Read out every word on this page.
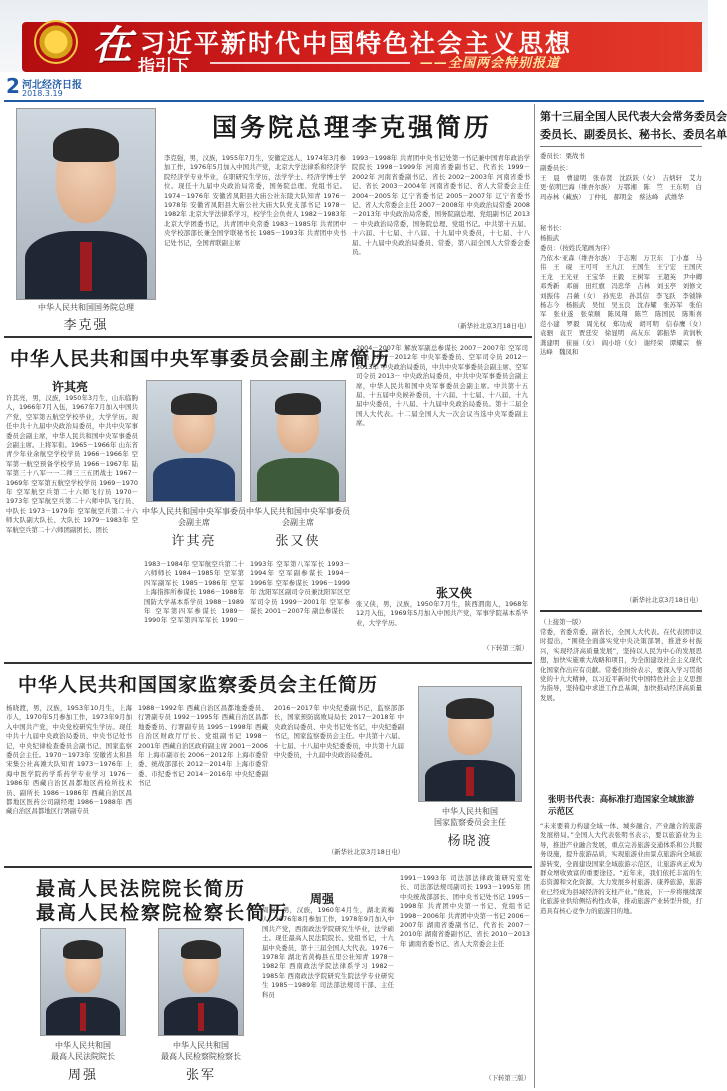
在 习近平新时代中国特色社会主义思想
指引下	——全国两会特别报道
2 河北经济日报
2018.3.19
中华人民共和国国务院总理
李克强
国务院总理李克强简历
李克强，男，汉族，1955年7月生，安徽定远人，1974年3月参加工作，1976年5月加入中国共产党，北京大学法律系和经济学院经济学专业毕业，在职研究生学历，法学学士、经济学博士学位。现任十九届中央政治局常委，国务院总理、党组书记。1974－1976年 安徽省凤阳县大庙公社东陵大队知青 1976－1978年 安徽省凤阳县大庙公社大庙大队党支部书记 1978－1982年 北京大学法律系学习，校学生会负责人 1982－1983年 北京大学团委书记，共青团中央常委 1983－1985年 共青团中央学校部部长兼全国学联秘书长 1985－1993年 共青团中央书记处书记，全国青联副主席
1993－1998年 共青团中央书记处第一书记兼中国青年政治学院院长 1998－1999年 河南省委副书记、代省长 1999－2002年 河南省委副书记、省长 2002－2003年 河南省委书记、省长 2003－2004年 河南省委书记、省人大常委会主任 2004－2005年 辽宁省委书记 2005－2007年 辽宁省委书记、省人大常委会主任 2007－2008年 中央政治局常委 2008－2013年 中央政治局常委，国务院副总理、党组副书记 2013－ 中央政治局常委，国务院总理、党组书记。中共第十五届、十六届、十七届、十八届、十九届中央委员，十七届、十八届、十九届中央政治局委员、常委，第八届全国人大常委会委员。
（新华社北京3月18日电）
中华人民共和国中央军事委员会副主席简历
许其亮
许其亮，男，汉族，1950年3月生，山东临朐人，1966年7月入伍，1967年7月加入中国共产党，空军第五航空学校毕业，大学学历。现任中共十九届中央政治局委员，中共中央军事委员会副主席，中华人民共和国中央军事委员会副主席。上将军衔。1965－1966年 山东省青少年业余航空学校学员 1966－1966年 空军第一航空预备学校学员 1966－1967年 陆军第三十八军一一二师三三五团战士 1967－1969年 空军第五航空学校学员 1969－1970年 空军航空兵第二十六师飞行员 1970－1973年 空军航空兵第二十六师中队飞行员、中队长 1973－1979年 空军航空兵第二十六师大队副大队长、大队长 1979－1983年 空军航空兵第二十六师团副团长、团长
中华人民共和国中央军事委员会副主席
许其亮
中华人民共和国中央军事委员会副主席
张又侠
1983－1984年 空军航空兵第二十六师师长 1984－1985年 空军第四军副军长 1985－1986年 空军上海指挥所参谋长 1986－1988年 国防大学基本系学员 1988－1989年 空军第四军参谋长 1989－1990年 空军第四军军长 1990－1993年 空军第八军军长 1993－1994年 空军副参谋长 1994－1996年 空军参谋长 1996－1999年 沈阳军区副司令员兼沈阳军区空军司令员 1999－2001年 空军参谋长 2001－2007年 副总参谋长
2004－2007年 解放军副总参谋长 2007－2007年 空军司令员 2007－2012年 中央军委委员、空军司令员 2012－2013年 中央政治局委员，中共中央军事委员会副主席、空军司令员 2013－ 中央政治局委员，中共中央军事委员会副主席，中华人民共和国中央军事委员会副主席。中共第十五届、十五届中央候补委员，十六届、十七届、十八届、十九届中央委员，十八届、十九届中央政治局委员。第十二届全国人大代表。十二届全国人大一次会议当选中央军委副主席。
张又侠
张又侠，男，汉族，1950年7月生，陕西渭南人，1968年12月入伍，1969年5月加入中国共产党，军事学院基本系毕业，大学学历。
（下转第三版）
第十三届全国人民代表大会常务委员会
委员长、副委员长、秘书长、委员名单
委员长：栗战书
副委员长：
王　晨　曹建明　张春贤　沈跃跃（女）　吉炳轩　艾力更·依明巴海（维吾尔族）　万鄂湘　陈　竺　王东明　白玛赤林（藏族）　丁仲礼　郝明金　蔡达峰　武维华
秘书长：
杨振武
委员：（按姓氏笔画为序）
乃依木·亚森（维吾尔族）　于志刚　万卫东　丁小嘉　马伟　王　砚　王可可　王九江　王国生　王宁宏　王国庆　王龙　王光亚　王宝华　王毅　王树军　王超英　尹中卿　邓秀新　邓丽　田红旗　冯忠华　吉林　刘玉亭　刘修文　刘振伟　吕薇（女）　孙宪忠　孙其信　李飞跃　李钺锋　杨志今　杨振武　吴恒　吴玉良　沈春耀　张苏军　张伯军　张业遂　张荣顺　陈凤翔　陈竺　陈国民　陈斯喜　范小建　罗毅　周光权　郑功成　胡可明　信春鹰（女）　袁驷　袁卫　贾廷安　徐显明　高友东　郭振华　黄润秋　龚建明　崔丽（女）　阎小培（女）　谢经荣　谭耀宗　蔡达峰　魏凤和
（新华社北京3月18日电）
（上接第一版）
常委，省委常委、副省长，全国人大代表。在代表团审议时提出，“围绕全面落实党中央决策部署，推进乡村振兴，实现经济高质量发展”，坚持以人民为中心的发展思想，加快实施重大战略和项目，为全面建设社会主义现代化国家作出应有贡献。常委们纷纷表示，要深入学习贯彻党的十九大精神，以习近平新时代中国特色社会主义思想为指导，坚持稳中求进工作总基调，加快推动经济高质量发展。
张明书代表：高标准打造国家全域旅游示范区
“未来要着力构建全域一体、城乡融合、产业融合的旅游发展格局。”全国人大代表张明书表示，要以旅游业为主导，推进产业融合发展，重点完善旅游交通体系和公共服务设施，提升旅游品质，实现旅游业由景点旅游向全域旅游转变，全面建设国家全域旅游示范区，让旅游真正成为群众增收致富的重要途径。“近年来，我们依托丰富的生态资源和文化资源，大力发展乡村旅游、康养旅游，旅游业已经成为县域经济的支柱产业。”他说，下一步将继续深化旅游业供给侧结构性改革，推动旅游产业转型升级，打造具有核心竞争力的旅游目的地。
中华人民共和国国家监察委员会主任简历
杨晓渡，男，汉族，1953年10月生，上海市人，1970年5月参加工作，1973年9月加入中国共产党，中央党校研究生学历。现任中共十九届中央政治局委员、中央书记处书记，中央纪律检查委员会副书记，国家监察委员会主任。1970－1973年 安徽省太和县宋集公社高滩大队知青 1973－1976年 上海中医学院药学系药学专业学习 1976－1986年 西藏自治区昌都地区药检所技术员、副所长 1986－1986年 西藏自治区昌都地区医药公司副经理 1986－1988年 西藏自治区昌都地区行署副专员
1988－1992年 西藏自治区昌都地委委员、行署副专员 1992－1995年 西藏自治区昌都地委委员、行署副专员 1995－1998年 西藏自治区财政厅厅长、党组副书记 1998－2001年 西藏自治区政府副主席 2001－2006年 上海市副市长 2006－2012年 上海市委常委、统战部部长 2012－2014年 上海市委常委、市纪委书记 2014－2016年 中央纪委副书记
2016－2017年 中央纪委副书记，监察部部长，国家预防腐败局局长 2017－2018年 中央政治局委员、中央书记处书记，中央纪委副书记，国家监察委员会主任。中共第十六届、十七届、十八届中央纪委委员，中共第十九届中央委员，十九届中央政治局委员。
（新华社北京3月18日电）
中华人民共和国
国家监察委员会主任
杨晓渡
最高人民法院院长简历
最高人民检察院检察长简历
中华人民共和国
最高人民法院院长
周强
中华人民共和国
最高人民检察院检察长
张军
周强
周强，男，汉族，1960年4月生，湖北黄梅人，1976年8月参加工作，1978年9月加入中国共产党，西南政法学院研究生毕业，法学硕士。现任最高人民法院院长、党组书记，十九届中央委员，第十三届全国人大代表。1976－1978年 湖北省黄梅县五里公社知青 1978－1982年 西南政法学院法律系学习 1982－1985年 西南政法学院研究生院法学专业研究生 1985－1989年 司法部法规司干部、主任科员
1991－1993年 司法部法律政策研究室处长、司法部法规司副司长 1993－1995年 团中央统战部部长、团中央书记处书记 1995－1998年 共青团中央第一书记、党组书记 1998－2006年 共青团中央第一书记 2006－2007年 湖南省委副书记、代省长 2007－2010年 湖南省委副书记、省长 2010－2013年 湖南省委书记、省人大常委会主任
（下转第三版）
